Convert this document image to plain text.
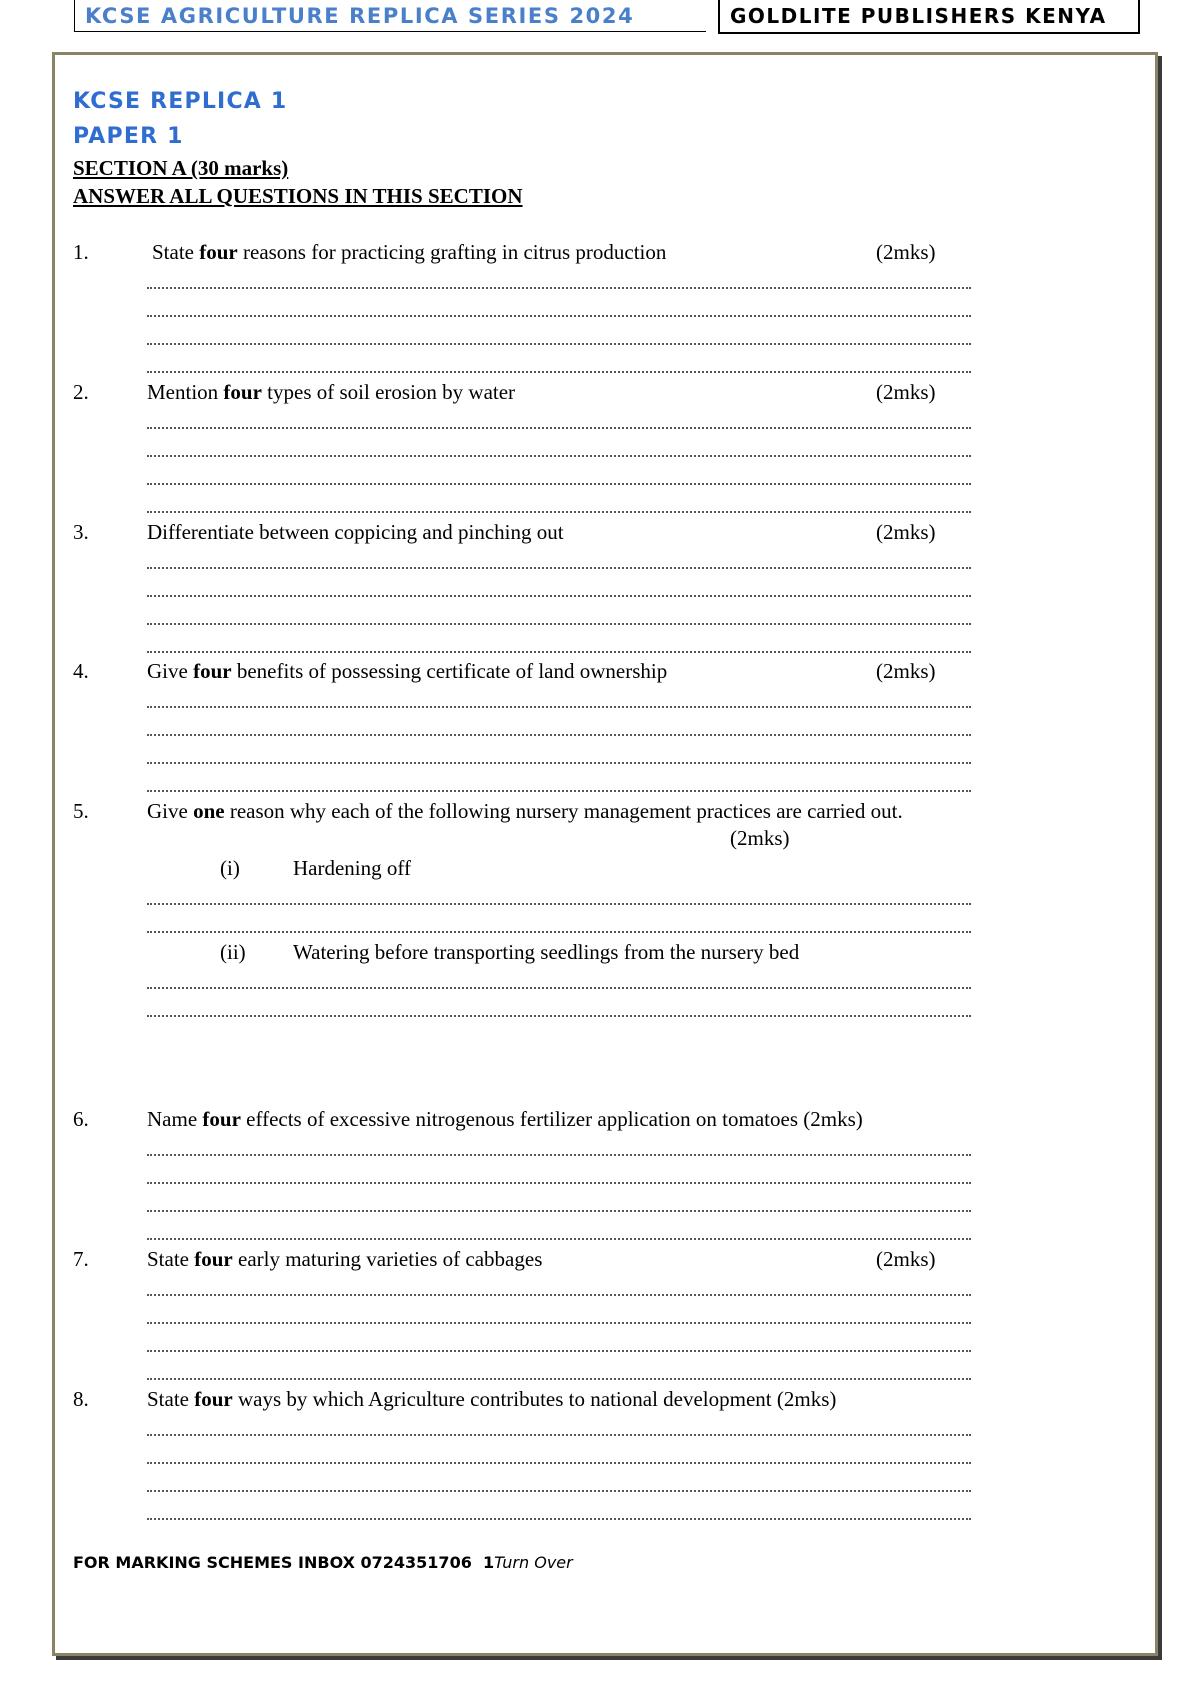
KCSE AGRICULTURE REPLICA SERIES 2024	GOLDLITE PUBLISHERS KENYA
KCSE REPLICA 1
PAPER 1
SECTION A (30 marks)
ANSWER ALL QUESTIONS IN THIS SECTION
1.	State four reasons for practicing grafting in citrus production	(2mks)
2.	Mention four types of soil erosion by water	(2mks)
3.	Differentiate between coppicing and pinching out	(2mks)
4.	Give four benefits of possessing certificate of land ownership	(2mks)
5.	Give one reason why each of the following nursery management practices are carried out.
(2mks)
(i)	Hardening off
(ii) Watering before transporting seedlings from the nursery bed
6.	Name four effects of excessive nitrogenous fertilizer application on tomatoes (2mks)
7.	State four early maturing varieties of cabbages	(2mks)
8.	State four ways by which Agriculture contributes to national development (2mks)
FOR MARKING SCHEMES INBOX 0724351706 1Turn Over
